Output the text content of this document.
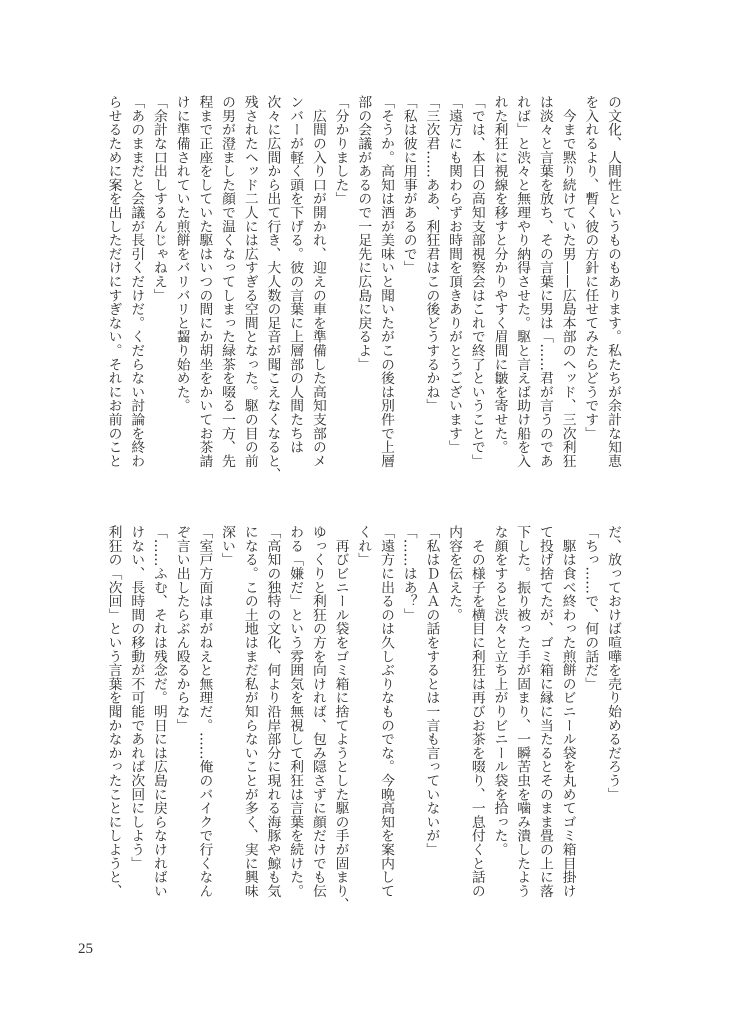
の文化、人間性というものもあります。私たちが余計な知恵
を入れるより、暫く彼の方針に任せてみたらどうです」
　今まで黙り続けていた男——広島本部のヘッド、三次利狂
は淡々と言葉を放ち、その言葉に男は「……君が言うのであ
れば」と渋々と無理やり納得させた。駆と言えば助け船を入
れた利狂に視線を移すと分かりやすく眉間に皺を寄せた。
「では、本日の高知支部視察会はこれで終了ということで」
「遠方にも関わらずお時間を頂きありがとうございます」
「三次君……ああ、利狂君はこの後どうするかね」
「私は彼に用事があるので」
「そうか。高知は酒が美味いと聞いたがこの後は別件で上層
部の会議があるので一足先に広島に戻るよ」
「分かりました」
　広間の入り口が開かれ、迎えの車を準備した高知支部のメ
ンバーが軽く頭を下げる。彼の言葉に上層部の人間たちは
次々に広間から出て行き、大人数の足音が聞こえなくなると、
残されたヘッド二人には広すぎる空間となった。駆の目の前
の男が澄ました顔で温くなってしまった緑茶を啜る一方、先
程まで正座をしていた駆はいつの間にか胡坐をかいてお茶請
けに準備されていた煎餅をバリバリと齧り始めた。
「余計な口出しするんじゃねえ」
「あのままだと会議が長引くだけだ。くだらない討論を終わ
らせるために案を出しただけにすぎない。それにお前のこと
だ、放っておけば喧嘩を売り始めるだろう」
「ちっ……で、何の話だ」
　駆は食べ終わった煎餅のビニール袋を丸めてゴミ箱目掛け
て投げ捨てたが、ゴミ箱に縁に当たるとそのまま畳の上に落
下した。振り被った手が固まり、一瞬苦虫を噛み潰したよう
な顔をすると渋々と立ち上がりビニール袋を拾った。
　その様子を横目に利狂は再びお茶を啜り、一息付くと話の
内容を伝えた。
「私はＤＡＡの話をするとは一言も言っていないが」
「……はあ？」
「遠方に出るのは久しぶりなものでな。今晩高知を案内して
くれ」
　再びビニール袋をゴミ箱に捨てようとした駆の手が固まり、
ゆっくりと利狂の方を向ければ、包み隠さずに顔だけでも伝
わる「嫌だ」という雰囲気を無視して利狂は言葉を続けた。
「高知の独特の文化、何より沿岸部分に現れる海豚や鯨も気
になる。この土地はまだ私が知らないことが多く、実に興味
深い」
「室戸方面は車がねえと無理だ。……俺のバイクで行くなん
ぞ言い出したらぶん殴るからな」
「……ふむ、それは残念だ。明日には広島に戻らなければい
けない、長時間の移動が不可能であれば次回にしよう」
利狂の「次回」という言葉を聞かなかったことにしようと、
25
